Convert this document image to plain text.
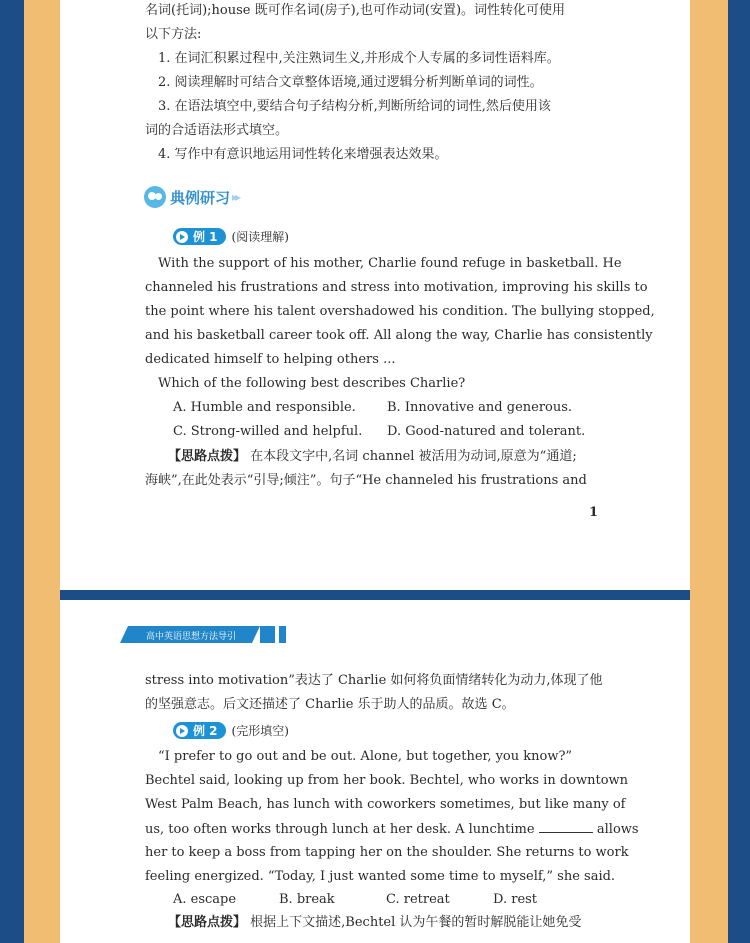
名词(托词);house 既可作名词(房子),也可作动词(安置)。词性转化可使用
以下方法:
　1. 在词汇积累过程中,关注熟词生义,并形成个人专属的多词性语料库。
　2. 阅读理解时可结合文章整体语境,通过逻辑分析判断单词的词性。
　3. 在语法填空中,要结合句子结构分析,判断所给词的词性,然后使用该
词的合适语法形式填空。
　4. 写作中有意识地运用词性转化来增强表达效果。
典例研习 ▸▸
例 1 (阅读理解)
　With the support of his mother, Charlie found refuge in basketball. He
channeled his frustrations and stress into motivation, improving his skills to
the point where his talent overshadowed his condition. The bullying stopped,
and his basketball career took off. All along the way, Charlie has consistently
dedicated himself to helping others ...
　Which of the following best describes Charlie?
A. Humble and responsible. B. Innovative and generous.
C. Strong-willed and helpful. D. Good-natured and tolerant.
【思路点拨】 在本段文字中,名词 channel 被活用为动词,原意为“通道;
海峡”,在此处表示“引导;倾注”。句子“He channeled his frustrations and
1
高中英语思想方法导引
stress into motivation”表达了 Charlie 如何将负面情绪转化为动力,体现了他
的坚强意志。后文还描述了 Charlie 乐于助人的品质。故选 C。
例 2 (完形填空)
　“I prefer to go out and be out. Alone, but together, you know?”
Bechtel said, looking up from her book. Bechtel, who works in downtown
West Palm Beach, has lunch with coworkers sometimes, but like many of
us, too often works through lunch at her desk. A lunchtime	allows
her to keep a boss from tapping her on the shoulder. She returns to work
feeling energized. “Today, I just wanted some time to myself,” she said.
A. escape	B. break	C. retreat	D. rest
【思路点拨】 根据上下文描述,Bechtel 认为午餐的暂时解脱能让她免受
